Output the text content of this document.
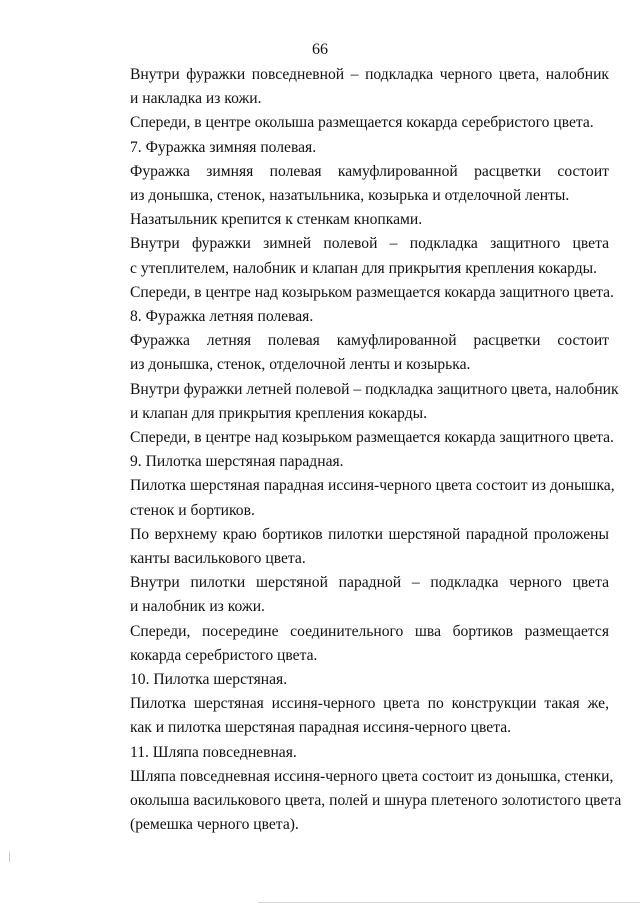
66
Внутри фуражки повседневной – подкладка черного цвета, налобник
и накладка из кожи.
Спереди, в центре околыша размещается кокарда серебристого цвета.
7. Фуражка зимняя полевая.
Фуражка зимняя полевая камуфлированной расцветки состоит
из донышка, стенок, назатыльника, козырька и отделочной ленты.
Назатыльник крепится к стенкам кнопками.
Внутри фуражки зимней полевой – подкладка защитного цвета
с утеплителем, налобник и клапан для прикрытия крепления кокарды.
Спереди, в центре над козырьком размещается кокарда защитного цвета.
8. Фуражка летняя полевая.
Фуражка летняя полевая камуфлированной расцветки состоит
из донышка, стенок, отделочной ленты и козырька.
Внутри фуражки летней полевой – подкладка защитного цвета, налобник
и клапан для прикрытия крепления кокарды.
Спереди, в центре над козырьком размещается кокарда защитного цвета.
9. Пилотка шерстяная парадная.
Пилотка шерстяная парадная иссиня-черного цвета состоит из донышка,
стенок и бортиков.
По верхнему краю бортиков пилотки шерстяной парадной проложены
канты василькового цвета.
Внутри пилотки шерстяной парадной – подкладка черного цвета
и налобник из кожи.
Спереди, посередине соединительного шва бортиков размещается
кокарда серебристого цвета.
10. Пилотка шерстяная.
Пилотка шерстяная иссиня-черного цвета по конструкции такая же,
как и пилотка шерстяная парадная иссиня-черного цвета.
11. Шляпа повседневная.
Шляпа повседневная иссиня-черного цвета состоит из донышка, стенки,
околыша василькового цвета, полей и шнура плетеного золотистого цвета
(ремешка черного цвета).
